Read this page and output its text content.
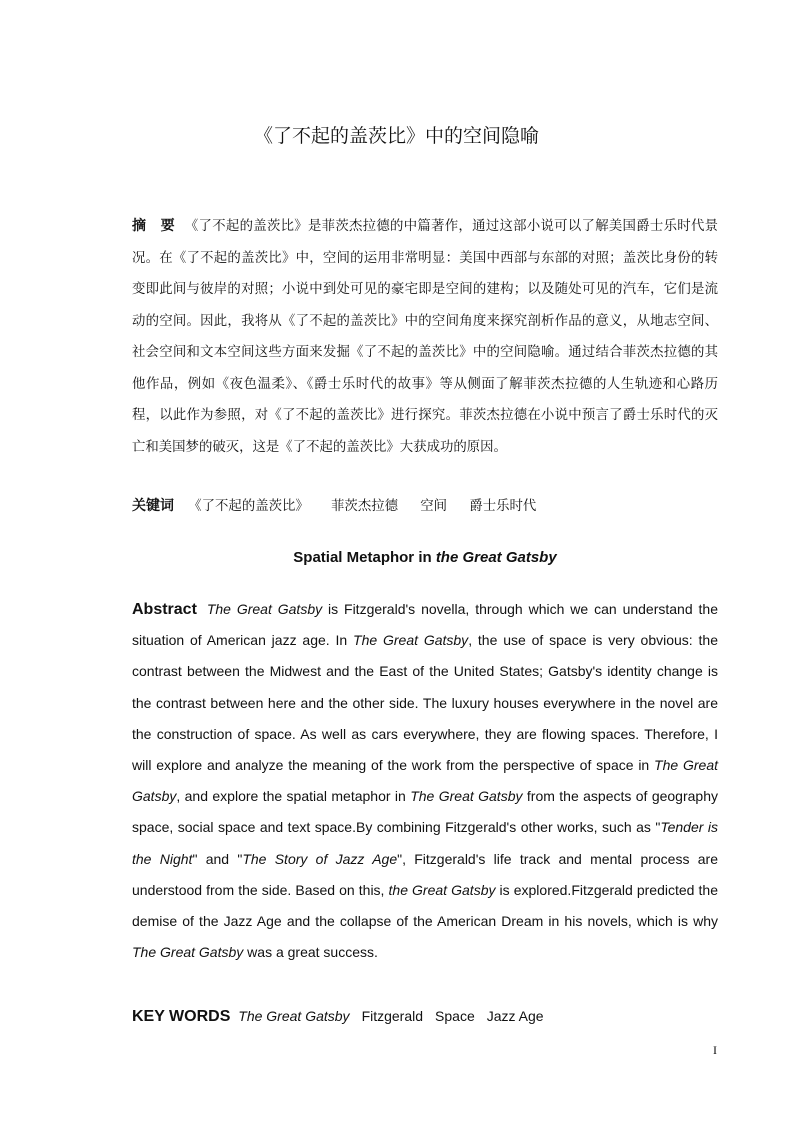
《了不起的盖茨比》中的空间隐喻
摘　要 《了不起的盖茨比》是菲茨杰拉德的中篇著作，通过这部小说可以了解美国爵士乐时代景况。在《了不起的盖茨比》中，空间的运用非常明显：美国中西部与东部的对照；盖茨比身份的转变即此间与彼岸的对照；小说中到处可见的豪宅即是空间的建构；以及随处可见的汽车，它们是流动的空间。因此，我将从《了不起的盖茨比》中的空间角度来探究剖析作品的意义，从地志空间、社会空间和文本空间这些方面来发掘《了不起的盖茨比》中的空间隐喻。通过结合菲茨杰拉德的其他作品，例如《夜色温柔》、《爵士乐时代的故事》等从侧面了解菲茨杰拉德的人生轨迹和心路历程，以此作为参照，对《了不起的盖茨比》进行探究。菲茨杰拉德在小说中预言了爵士乐时代的灭亡和美国梦的破灭，这是《了不起的盖茨比》大获成功的原因。
关键词 《了不起的盖茨比》 菲茨杰拉德 空间 爵士乐时代
Spatial Metaphor in the Great Gatsby
Abstract The Great Gatsby is Fitzgerald's novella, through which we can understand the situation of American jazz age. In The Great Gatsby, the use of space is very obvious: the contrast between the Midwest and the East of the United States; Gatsby's identity change is the contrast between here and the other side. The luxury houses everywhere in the novel are the construction of space. As well as cars everywhere, they are flowing spaces. Therefore, I will explore and analyze the meaning of the work from the perspective of space in The Great Gatsby, and explore the spatial metaphor in The Great Gatsby from the aspects of geography space, social space and text space.By combining Fitzgerald's other works, such as "Tender is the Night" and "The Story of Jazz Age", Fitzgerald's life track and mental process are understood from the side. Based on this, the Great Gatsby is explored.Fitzgerald predicted the demise of the Jazz Age and the collapse of the American Dream in his novels, which is why The Great Gatsby was a great success.
KEY WORDS The Great Gatsby Fitzgerald Space Jazz Age
I
